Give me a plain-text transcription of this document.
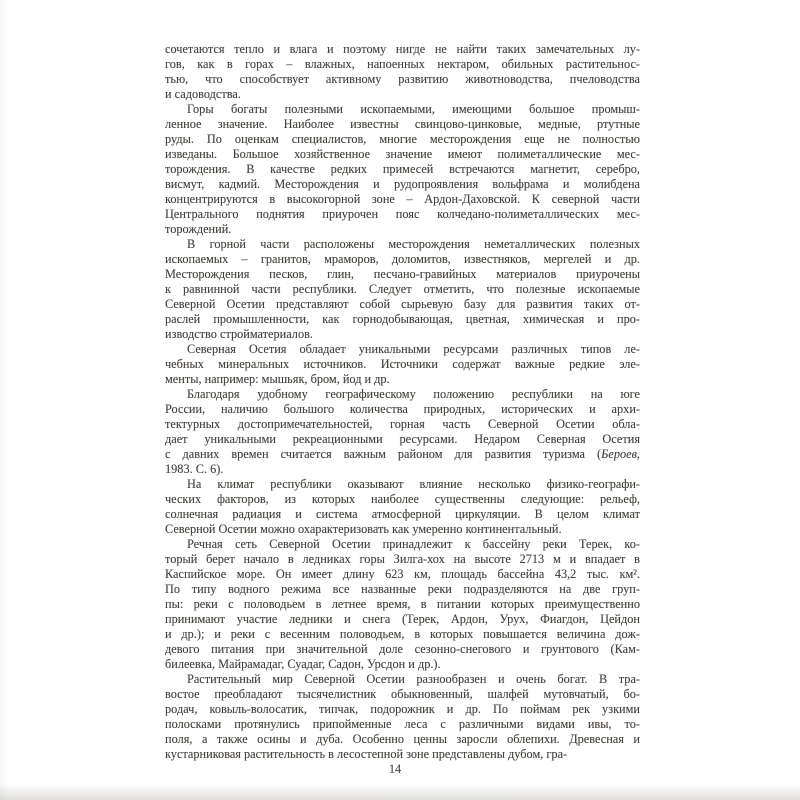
сочетаются тепло и влага и поэтому нигде не найти таких замечательных лу-
гов, как в горах – влажных, напоенных нектаром, обильных растительнос-
тью, что способствует активному развитию животноводства, пчеловодства
и садоводства.
Горы богаты полезными ископаемыми, имеющими большое промыш-
ленное значение. Наиболее известны свинцово-цинковые, медные, ртутные
руды. По оценкам специалистов, многие месторождения еще не полностью
изведаны. Большое хозяйственное значение имеют полиметаллические мес-
торождения. В качестве редких примесей встречаются магнетит, серебро,
висмут, кадмий. Месторождения и рудопроявления вольфрама и молибдена
концентрируются в высокогорной зоне – Ардон-Даховской. К северной части
Центрального поднятия приурочен пояс колчедано-полиметаллических мес-
торождений.
В горной части расположены месторождения неметаллических полезных
ископаемых – гранитов, мраморов, доломитов, известняков, мергелей и др.
Месторождения песков, глин, песчано-гравийных материалов приурочены
к равнинной части республики. Следует отметить, что полезные ископаемые
Северной Осетии представляют собой сырьевую базу для развития таких от-
раслей промышленности, как горнодобывающая, цветная, химическая и про-
изводство стройматериалов.
Северная Осетия обладает уникальными ресурсами различных типов ле-
чебных минеральных источников. Источники содержат важные редкие эле-
менты, например: мышьяк, бром, йод и др.
Благодаря удобному географическому положению республики на юге
России, наличию большого количества природных, исторических и архи-
тектурных достопримечательностей, горная часть Северной Осетии обла-
дает уникальными рекреационными ресурсами. Недаром Северная Осетия
с давних времен считается важным районом для развития туризма (Бероев,
1983. С. 6).
На климат республики оказывают влияние несколько физико-географи-
ческих факторов, из которых наиболее существенны следующие: рельеф,
солнечная радиация и система атмосферной циркуляции. В целом климат
Северной Осетии можно охарактеризовать как умеренно континентальный.
Речная сеть Северной Осетии принадлежит к бассейну реки Терек, ко-
торый берет начало в ледниках горы Зилга-хох на высоте 2713 м и впадает в
Каспийское море. Он имеет длину 623 км, площадь бассейна 43,2 тыс. км².
По типу водного режима все названные реки подразделяются на две груп-
пы: реки с половодьем в летнее время, в питании которых преимущественно
принимают участие ледники и снега (Терек, Ардон, Урух, Фиагдон, Цейдон
и др.); и реки с весенним половодьем, в которых повышается величина дож-
девого питания при значительной доле сезонно-снегового и грунтового (Кам-
билеевка, Майрамадаг, Суадаг, Садон, Урсдон и др.).
Растительный мир Северной Осетии разнообразен и очень богат. В тра-
востое преобладают тысячелистник обыкновенный, шалфей мутовчатый, бо-
родач, ковыль-волосатик, типчак, подорожник и др. По поймам рек узкими
полосками протянулись припойменные леса с различными видами ивы, то-
поля, а также осины и дуба. Особенно ценны заросли облепихи. Древесная и
кустарниковая растительность в лесостепной зоне представлены дубом, гра-
14
